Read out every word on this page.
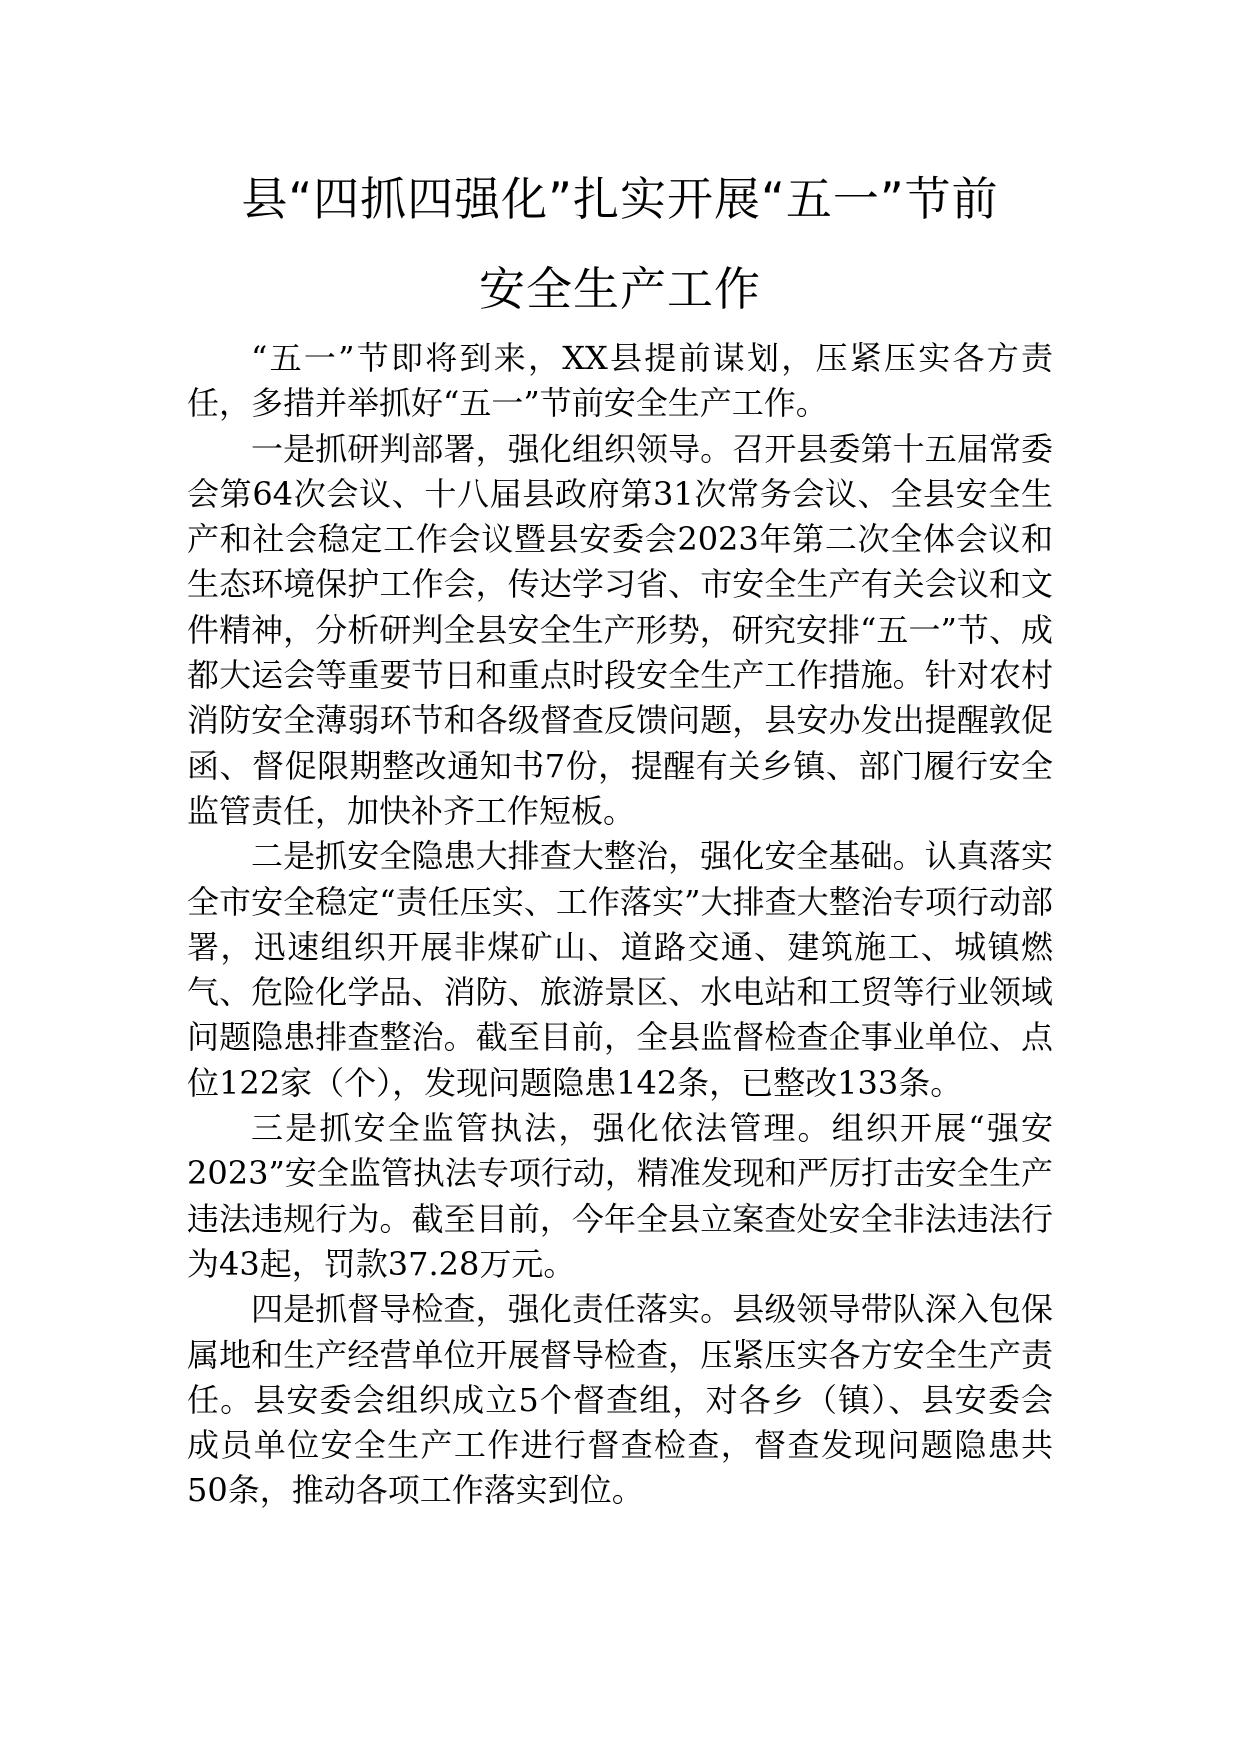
县“四抓四强化”扎实开展“五一”节前
安全生产工作

“五一”节即将到来，XX县提前谋划，压紧压实各方责任，多措并举抓好“五一”节前安全生产工作。

一是抓研判部署，强化组织领导。召开县委第十五届常委会第64次会议、十八届县政府第31次常务会议、全县安全生产和社会稳定工作会议暨县安委会2023年第二次全体会议和生态环境保护工作会，传达学习省、市安全生产有关会议和文件精神，分析研判全县安全生产形势，研究安排“五一”节、成都大运会等重要节日和重点时段安全生产工作措施。针对农村消防安全薄弱环节和各级督查反馈问题，县安办发出提醒敦促函、督促限期整改通知书7份，提醒有关乡镇、部门履行安全监管责任，加快补齐工作短板。

二是抓安全隐患大排查大整治，强化安全基础。认真落实全市安全稳定“责任压实、工作落实”大排查大整治专项行动部署，迅速组织开展非煤矿山、道路交通、建筑施工、城镇燃气、危险化学品、消防、旅游景区、水电站和工贸等行业领域问题隐患排查整治。截至目前，全县监督检查企事业单位、点位122家（个），发现问题隐患142条，已整改133条。

三是抓安全监管执法，强化依法管理。组织开展“强安2023”安全监管执法专项行动，精准发现和严厉打击安全生产违法违规行为。截至目前，今年全县立案查处安全非法违法行为43起，罚款37.28万元。

四是抓督导检查，强化责任落实。县级领导带队深入包保属地和生产经营单位开展督导检查，压紧压实各方安全生产责任。县安委会组织成立5个督查组，对各乡（镇）、县安委会成员单位安全生产工作进行督查检查，督查发现问题隐患共50条，推动各项工作落实到位。
